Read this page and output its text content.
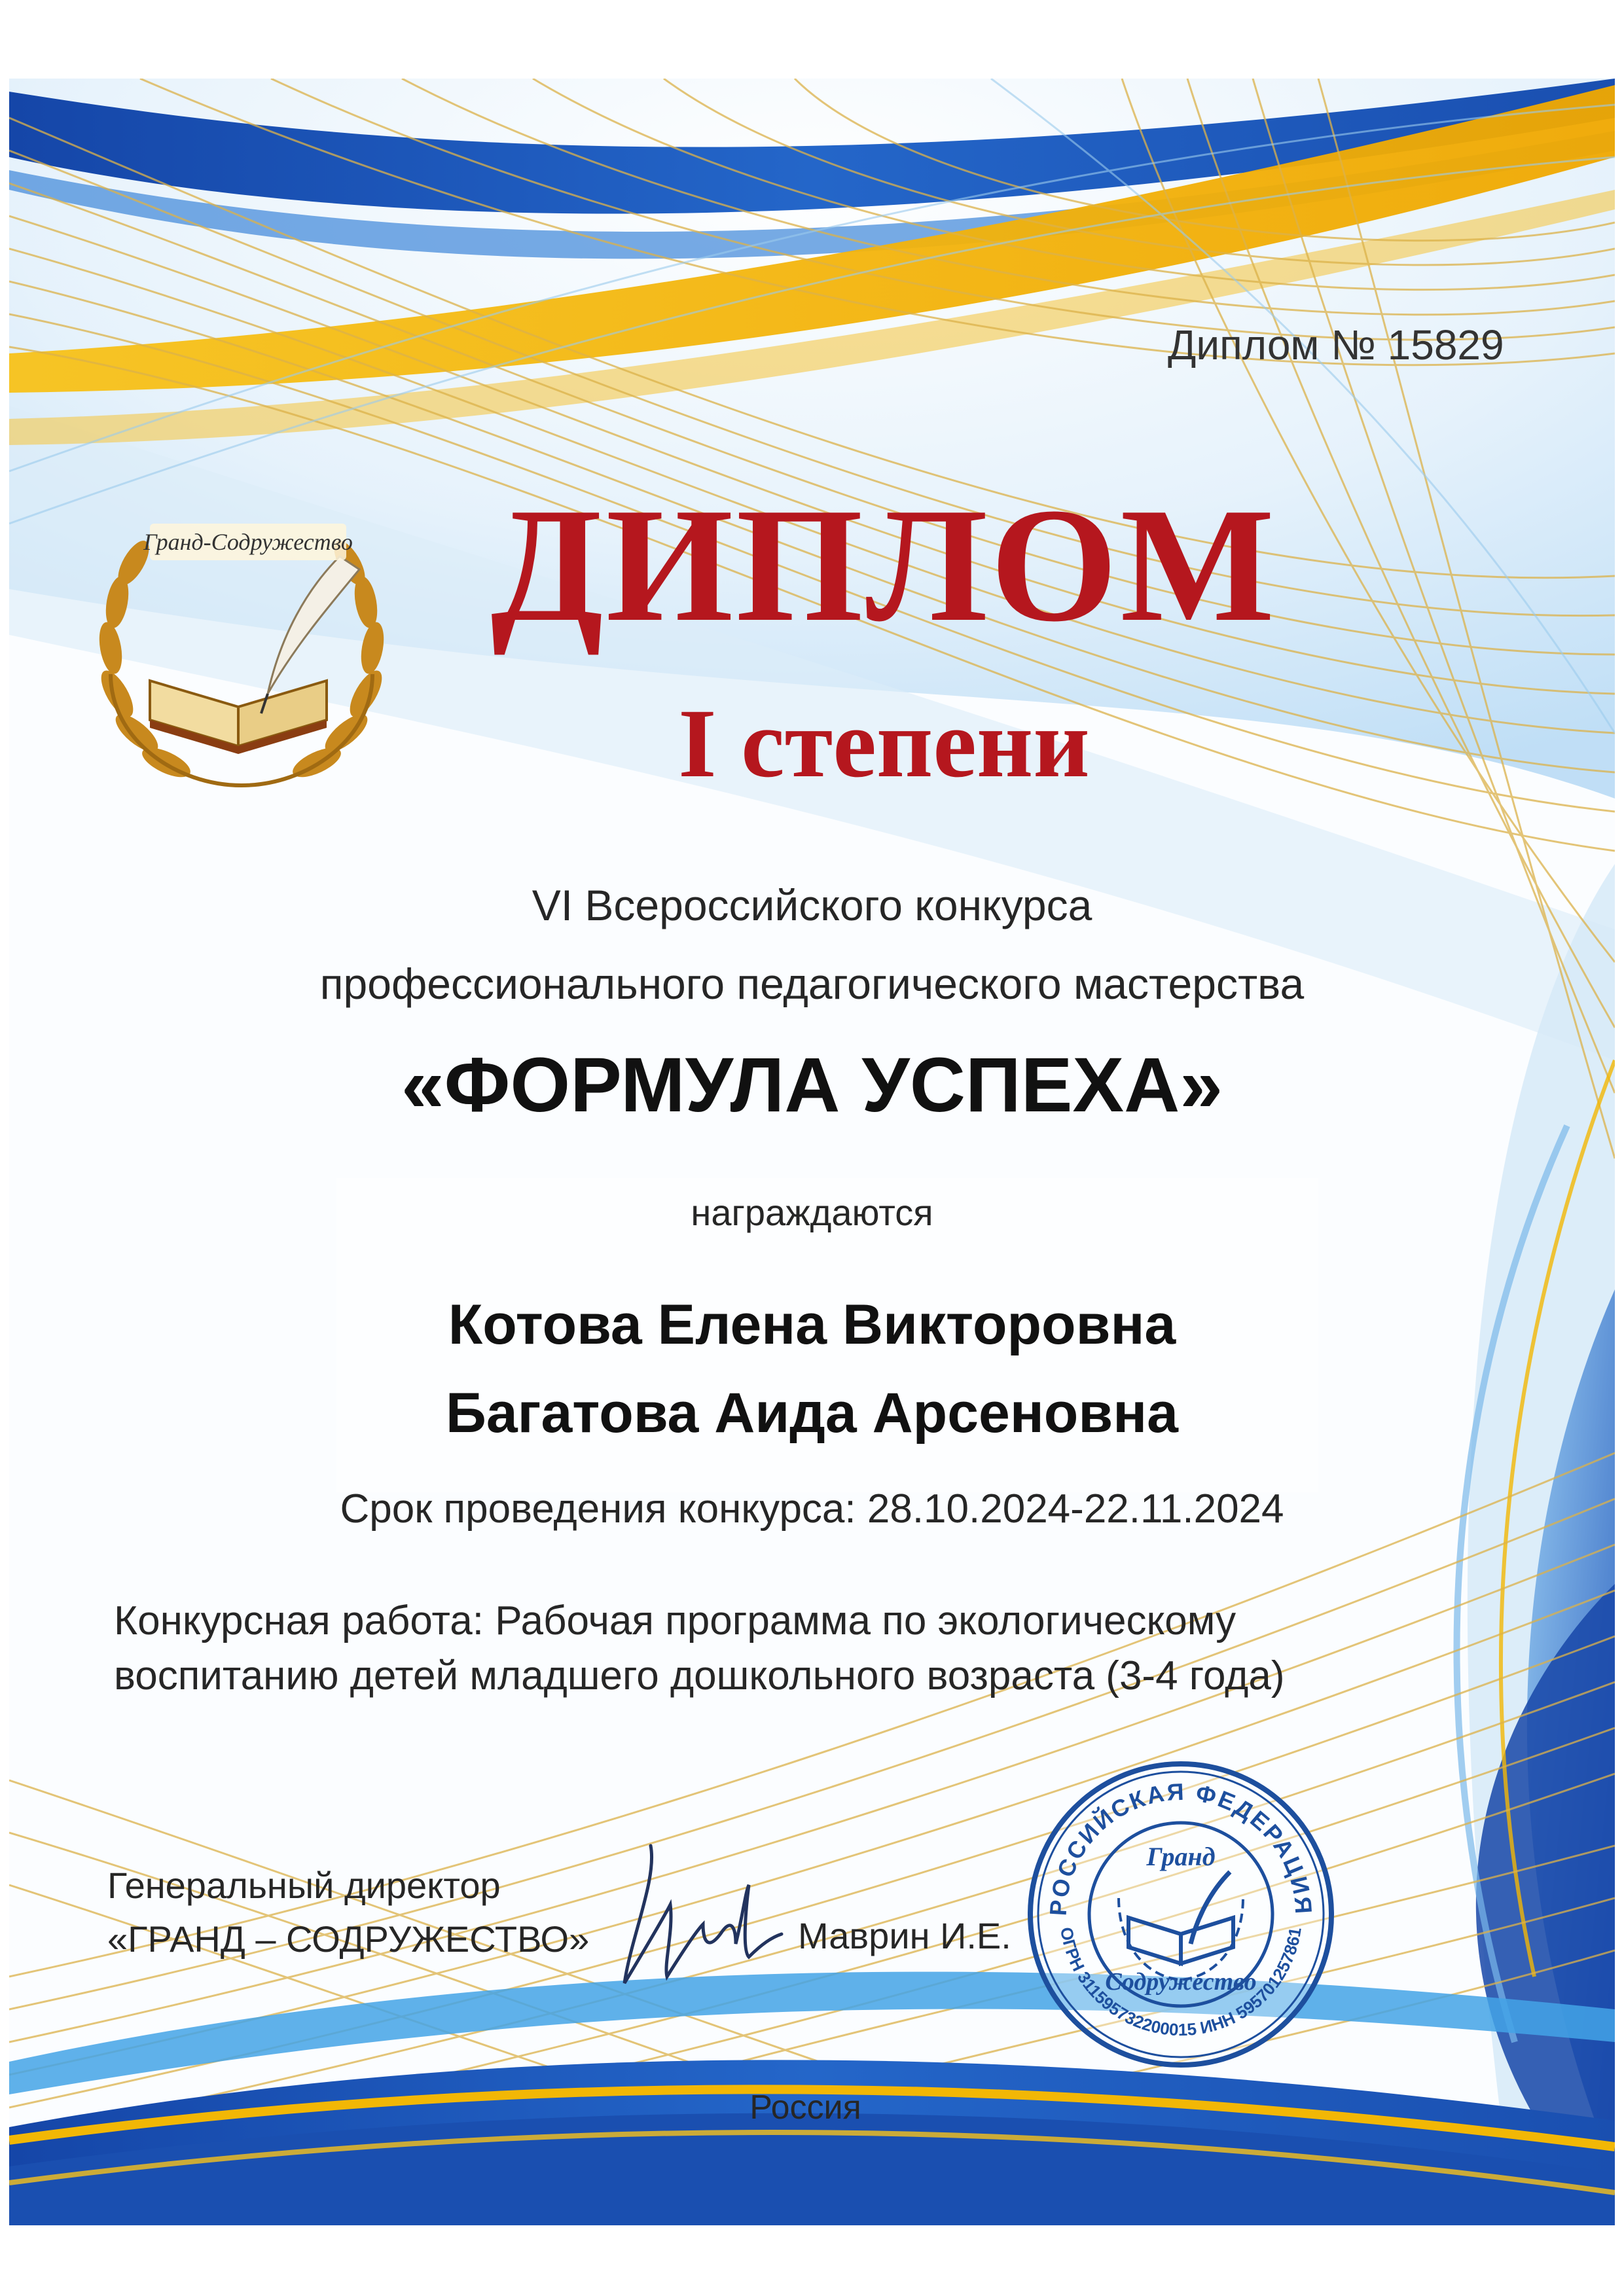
Диплом № 15829
Гранд-Содружество ДИПЛОМ
I степени
VI Всероссийского конкурса
профессионального педагогического мастерства
«ФОРМУЛА УСПЕХА»
награждаются
Котова Елена Викторовна
Багатова Аида Арсеновна
Срок проведения конкурса: 28.10.2024-22.11.2024
Конкурсная работа: Рабочая программа по экологическому
воспитанию детей младшего дошкольного возраста (3-4 года)
Генеральный директор
«ГРАНД – СОДРУЖЕСТВО»	Маврин И.Е.
РОССИЙСКАЯ ФЕДЕРАЦИЯ
ОГРН 311595732200015 ИНН 595701257861
Гранд
Содружество
Россия
